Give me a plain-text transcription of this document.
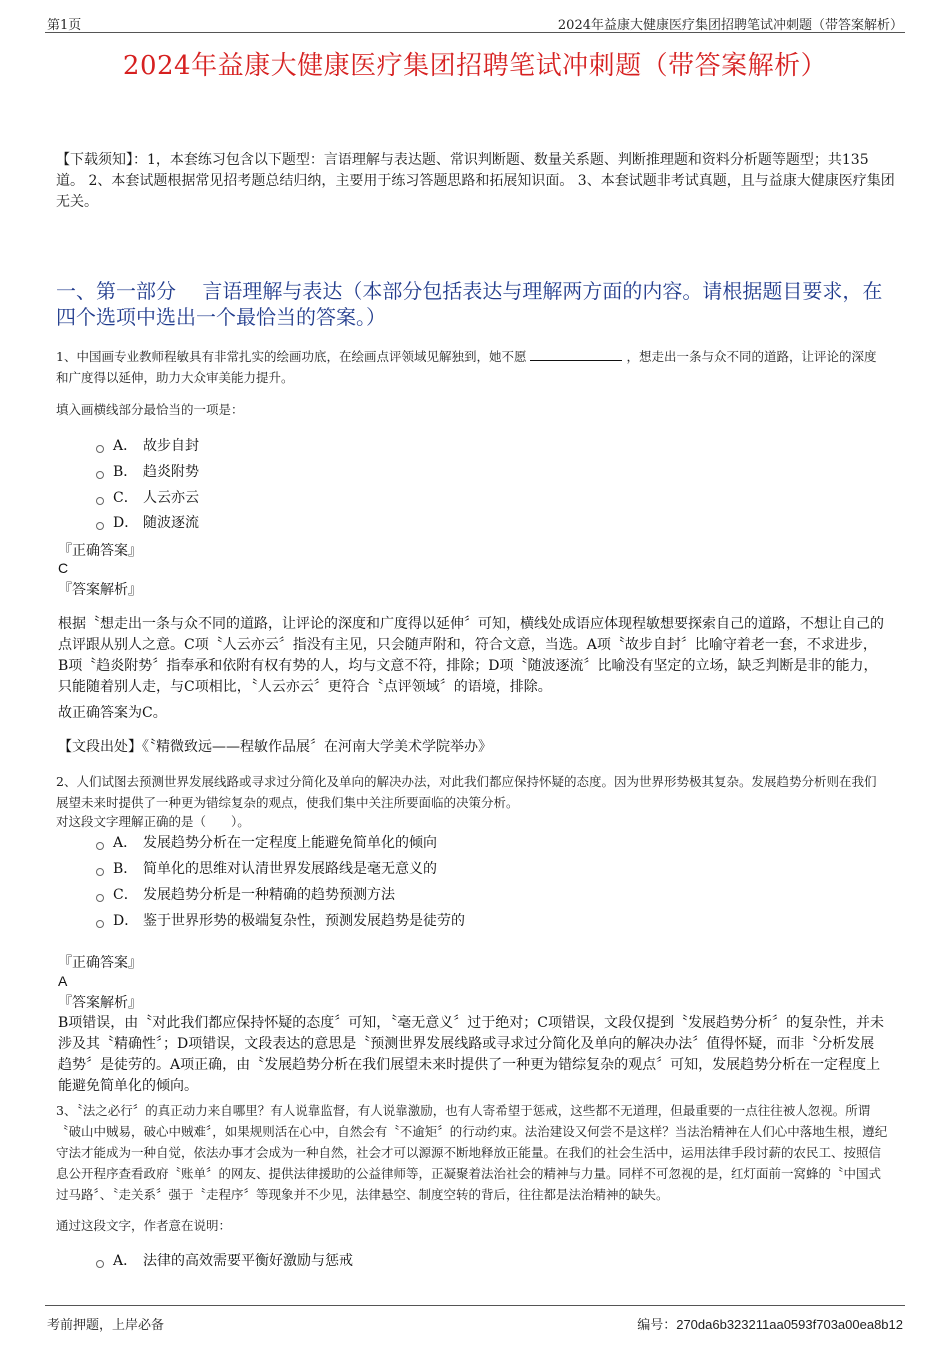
第1页	2024年益康大健康医疗集团招聘笔试冲刺题（带答案解析）
2024年益康大健康医疗集团招聘笔试冲刺题（带答案解析）
【下载须知】：1，本套练习包含以下题型：言语理解与表达题、常识判断题、数量关系题、判断推理题和资料分析题等题型；共135道。 2、本套试题根据常见招考题总结归纳，主要用于练习答题思路和拓展知识面。 3、本套试题非考试真题，且与益康大健康医疗集团无关。
一、第一部分　 言语理解与表达（本部分包括表达与理解两方面的内容。请根据题目要求，在四个选项中选出一个最恰当的答案。）
1、中国画专业教师程敏具有非常扎实的绘画功底，在绘画点评领域见解独到，她不愿	，想走出一条与众不同的道路，让评论的深度和广度得以延伸，助力大众审美能力提升。
填入画横线部分最恰当的一项是：
A． 故步自封
B． 趋炎附势
C． 人云亦云
D． 随波逐流
『正确答案』
C
『答案解析』
根据〝想走出一条与众不同的道路，让评论的深度和广度得以延伸〞可知，横线处成语应体现程敏想要探索自己的道路，不想让自己的点评跟从别人之意。C项〝人云亦云〞指没有主见，只会随声附和，符合文意，当选。A项〝故步自封〞比喻守着老一套，不求进步，B项〝趋炎附势〞指奉承和依附有权有势的人，均与文意不符，排除；D项〝随波逐流〞比喻没有坚定的立场，缺乏判断是非的能力，只能随着别人走，与C项相比，〝人云亦云〞更符合〝点评领域〞的语境，排除。
故正确答案为C。
【文段出处】《〝精微致远——程敏作品展〞在河南大学美术学院举办》
2、人们试图去预测世界发展线路或寻求过分简化及单向的解决办法，对此我们都应保持怀疑的态度。因为世界形势极其复杂。发展趋势分析则在我们展望未来时提供了一种更为错综复杂的观点，使我们集中关注所要面临的决策分析。
对这段文字理解正确的是（　　）。
A． 发展趋势分析在一定程度上能避免简单化的倾向
B． 简单化的思维对认清世界发展路线是毫无意义的
C． 发展趋势分析是一种精确的趋势预测方法
D． 鉴于世界形势的极端复杂性，预测发展趋势是徒劳的
『正确答案』
A
『答案解析』
B项错误，由〝对此我们都应保持怀疑的态度〞可知，〝毫无意义〞过于绝对；C项错误，文段仅提到〝发展趋势分析〞的复杂性，并未涉及其〝精确性〞；D项错误，文段表达的意思是〝预测世界发展线路或寻求过分简化及单向的解决办法〞值得怀疑，而非〝分析发展趋势〞是徒劳的。A项正确，由〝发展趋势分析在我们展望未来时提供了一种更为错综复杂的观点〞可知，发展趋势分析在一定程度上能避免简单化的倾向。
3、〝法之必行〞的真正动力来自哪里？有人说靠监督，有人说靠激励，也有人寄希望于惩戒，这些都不无道理，但最重要的一点往往被人忽视。所谓〝破山中贼易，破心中贼难〞，如果规则活在心中，自然会有〝不逾矩〞的行动约束。法治建设又何尝不是这样？当法治精神在人们心中落地生根，遵纪守法才能成为一种自觉，依法办事才会成为一种自然，社会才可以源源不断地释放正能量。在我们的社会生活中，运用法律手段讨薪的农民工、按照信息公开程序查看政府〝账单〞的网友、提供法律援助的公益律师等，正凝聚着法治社会的精神与力量。同样不可忽视的是，红灯面前一窝蜂的〝中国式过马路〞、〝走关系〞强于〝走程序〞等现象并不少见，法律悬空、制度空转的背后，往往都是法治精神的缺失。
通过这段文字，作者意在说明：
A． 法律的高效需要平衡好激励与惩戒
考前押题，上岸必备	编号：270da6b323211aa0593f703a00ea8b12
